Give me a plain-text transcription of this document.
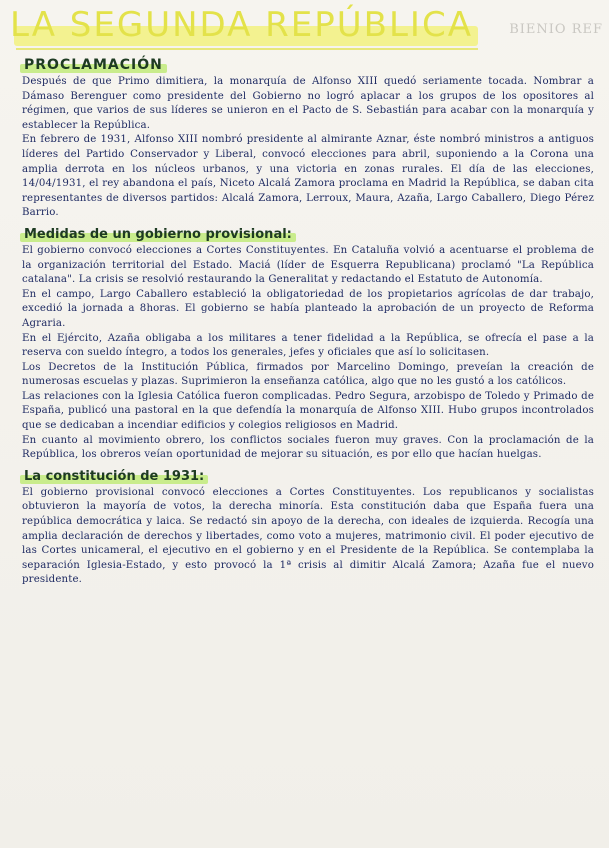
BIENIO REF
LA SEGUNDA REPÚBLICA
PROCLAMACIÓN

Después de que Primo dimitiera, la monarquía de Alfonso XIII quedó seriamente tocada. Nombrar a Dámaso Berenguer como presidente del Gobierno no logró aplacar a los grupos de los opositores al régimen, que varios de sus líderes se unieron en el Pacto de S. Sebastián para acabar con la monarquía y establecer la República.

En febrero de 1931, Alfonso XIII nombró presidente al almirante Aznar, éste nombró ministros a antiguos líderes del Partido Conservador y Liberal, convocó elecciones para abril, suponiendo a la Corona una amplia derrota en los núcleos urbanos, y una victoria en zonas rurales. El día de las elecciones, 14/04/1931, el rey abandona el país, Niceto Alcalá Zamora proclama en Madrid la República, se daban cita representantes de diversos partidos: Alcalá Zamora, Lerroux, Maura, Azaña, Largo Caballero, Diego Pérez Barrio.

Medidas de un gobierno provisional:

El gobierno convocó elecciones a Cortes Constituyentes. En Cataluña volvió a acentuarse el problema de la organización territorial del Estado. Maciá (líder de Esquerra Republicana) proclamó "La República catalana". La crisis se resolvió restaurando la Generalitat y redactando el Estatuto de Autonomía.

En el campo, Largo Caballero estableció la obligatoriedad de los propietarios agrícolas de dar trabajo, excedió la jornada a 8horas. El gobierno se había planteado la aprobación de un proyecto de Reforma Agraria.

En el Ejército, Azaña obligaba a los militares a tener fidelidad a la República, se ofrecía el pase a la reserva con sueldo íntegro, a todos los generales, jefes y oficiales que así lo solicitasen.

Los Decretos de la Institución Pública, firmados por Marcelino Domingo, preveían la creación de numerosas escuelas y plazas. Suprimieron la enseñanza católica, algo que no les gustó a los católicos.

Las relaciones con la Iglesia Católica fueron complicadas. Pedro Segura, arzobispo de Toledo y Primado de España, publicó una pastoral en la que defendía la monarquía de Alfonso XIII. Hubo grupos incontrolados que se dedicaban a incendiar edificios y colegios religiosos en Madrid.

En cuanto al movimiento obrero, los conflictos sociales fueron muy graves. Con la proclamación de la República, los obreros veían oportunidad de mejorar su situación, es por ello que hacían huelgas.

La constitución de 1931:

El gobierno provisional convocó elecciones a Cortes Constituyentes. Los republicanos y socialistas obtuvieron la mayoría de votos, la derecha minoría. Esta constitución daba que España fuera una república democrática y laica. Se redactó sin apoyo de la derecha, con ideales de izquierda. Recogía una amplia declaración de derechos y libertades, como voto a mujeres, matrimonio civil. El poder ejecutivo de las Cortes unicameral, el ejecutivo en el gobierno y en el Presidente de la República. Se contemplaba la separación Iglesia-Estado, y esto provocó la 1ª crisis al dimitir Alcalá Zamora; Azaña fue el nuevo presidente.
